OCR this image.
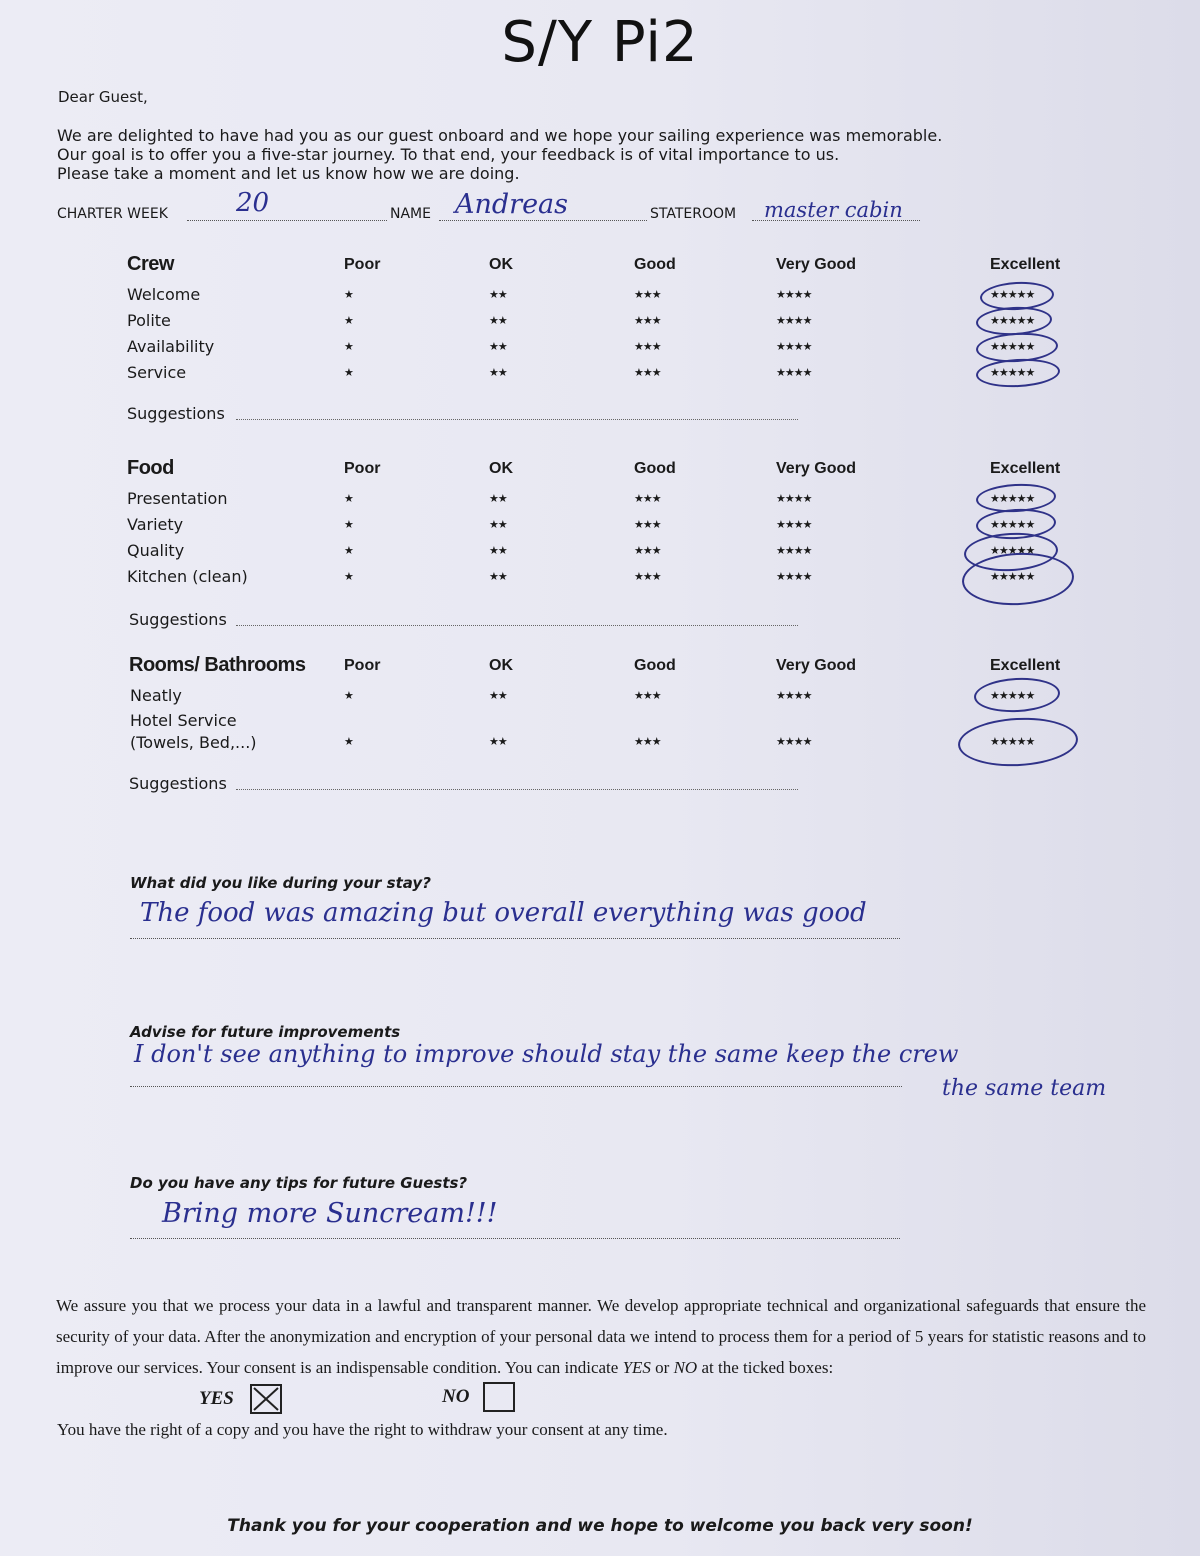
S/Y Pi2
Dear Guest,
We are delighted to have had you as our guest onboard and we hope your sailing experience was memorable.
Our goal is to offer you a five-star journey. To that end, your feedback is of vital importance to us.
Please take a moment and let us know how we are doing.
CHARTER WEEK	20	NAME Andreas	STATEROOM master cabin
Crew	Poor	OK	Good	Very Good	Excellent
Welcome	★	★★	★★★	★★★★	★★★★★
Polite	★	★★	★★★	★★★★	★★★★★
Availability	★	★★	★★★	★★★★	★★★★★
Service	★	★★	★★★	★★★★	★★★★★
Suggestions
Food	Poor	OK	Good	Very Good	Excellent
Presentation	★	★★	★★★	★★★★	★★★★★
Variety	★	★★	★★★	★★★★	★★★★★
Quality	★	★★	★★★	★★★★	★★★★★
Kitchen (clean)	★	★★	★★★	★★★★	★★★★★
Suggestions
Rooms/ Bathrooms Poor	OK	Good	Very Good	Excellent
Neatly	★	★★	★★★	★★★★	★★★★★
Hotel Service
(Towels, Bed,...)	★	★★	★★★	★★★★	★★★★★
Suggestions
What did you like during your stay?
The food was amazing but overall everything was good
Advise for future improvements
I don't see anything to improve should stay the same keep the crew
the same team
Do you have any tips for future Guests?
Bring more Suncream!!!
We assure you that we process your data in a lawful and transparent manner. We develop appropriate technical and organizational safeguards that ensure the security of your data. After the anonymization and encryption of your personal data we intend to process them for a period of 5 years for statistic reasons and to improve our services. Your consent is an indispensable condition. You can indicate YES or NO at the ticked boxes:
YES	NO
You have the right of a copy and you have the right to withdraw your consent at any time.
Thank you for your cooperation and we hope to welcome you back very soon!
